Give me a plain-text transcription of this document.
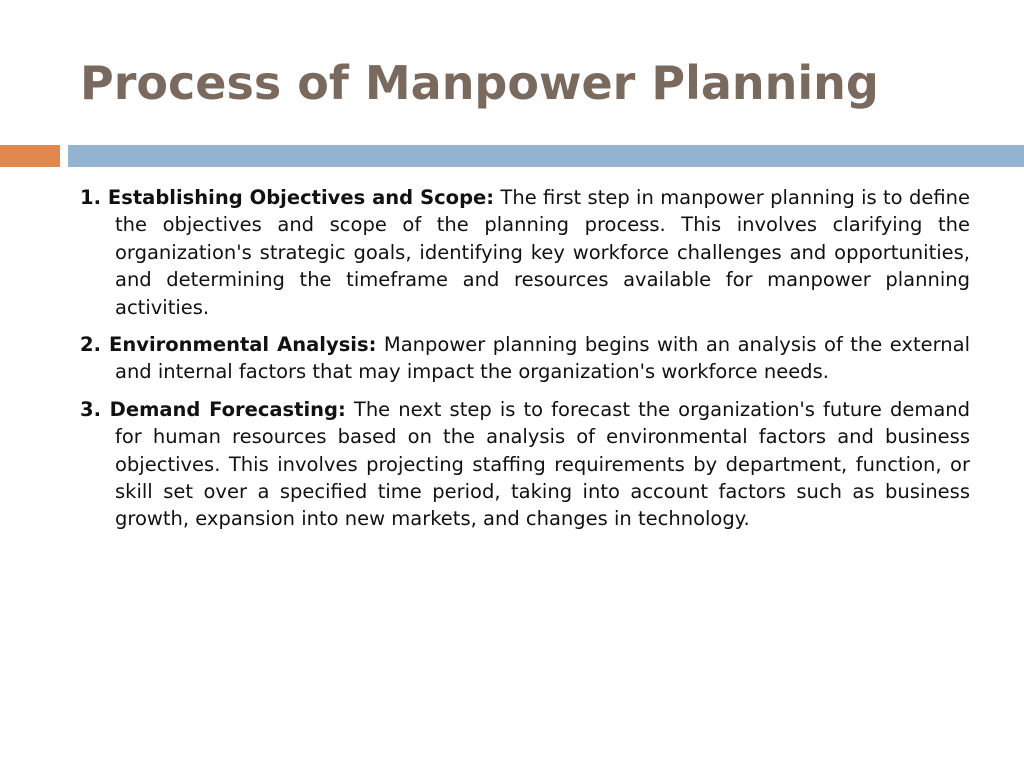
Process of Manpower Planning
1. Establishing Objectives and Scope: The first step in manpower planning is to define the objectives and scope of the planning process. This involves clarifying the organization's strategic goals, identifying key workforce challenges and opportunities, and determining the timeframe and resources available for manpower planning activities.
2. Environmental Analysis: Manpower planning begins with an analysis of the external and internal factors that may impact the organization's workforce needs.
3. Demand Forecasting: The next step is to forecast the organization's future demand for human resources based on the analysis of environmental factors and business objectives. This involves projecting staffing requirements by department, function, or skill set over a specified time period, taking into account factors such as business growth, expansion into new markets, and changes in technology.
